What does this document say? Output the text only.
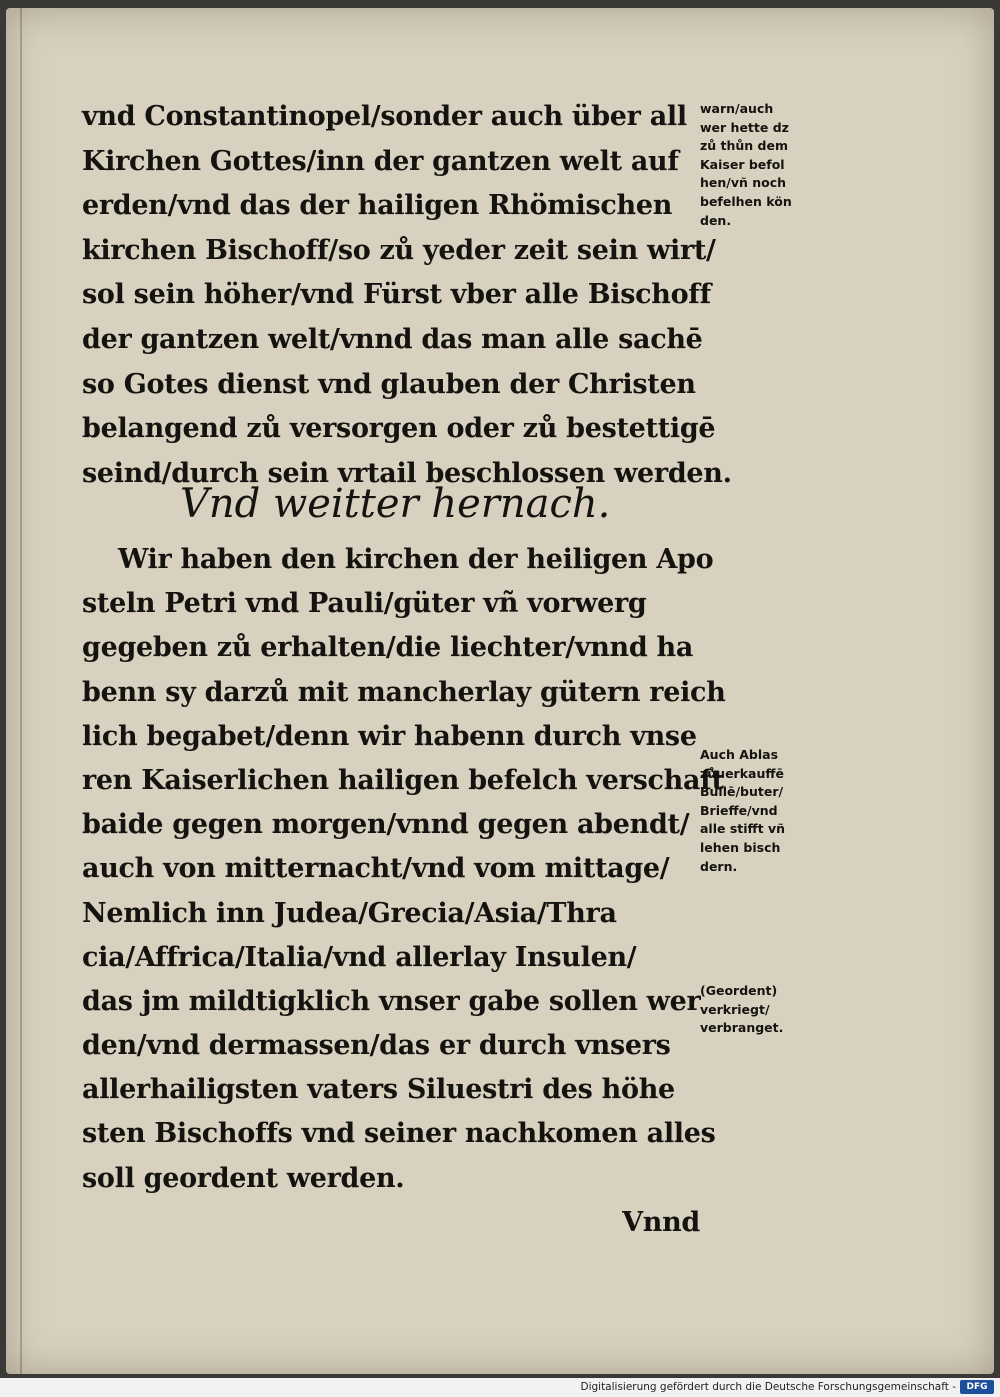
vnd Constantinopel/sonder auch über all
Kirchen Gottes/inn der gantzen welt auf
erden/vnd das der hailigen Rhömischen
kirchen Bischoff/so zů yeder zeit sein wirt/
sol sein höher/vnd Fürst vber alle Bischoff
der gantzen welt/vnnd das man alle sachē
so Gotes dienst vnd glauben der Christen
belangend zů versorgen oder zů bestettigē
seind/durch sein vrtail beschlossen werden.
Vnd weitter hernach.
Wir haben den kirchen der heiligen Apo
steln Petri vnd Pauli/güter vñ vorwerg
gegeben zů erhalten/die liechter/vnnd ha
benn sy darzů mit mancherlay gütern reich
lich begabet/denn wir habenn durch vnse
ren Kaiserlichen hailigen befelch verschaft
baide gegen morgen/vnnd gegen abendt/
auch von mitternacht/vnd vom mittage/
Nemlich inn Judea/Grecia/Asia/Thra
cia/Affrica/Italia/vnd allerlay Insulen/
das jm mildtigklich vnser gabe sollen wer
den/vnd dermassen/das er durch vnsers
allerhailigsten vaters Siluestri des höhe
sten Bischoffs vnd seiner nachkomen alles
soll geordent werden.
Vnnd
warn/auch
wer hette dz
zů thůn dem
Kaiser befol
hen/vñ noch
befelhen kön
den.
Auch Ablas
zůuerkauffē
Bullē/buter/
Brieffe/vnd
alle stifft vñ
lehen bisch
dern.
(Geordent)
verkriegt/
verbranget.
Digitalisierung gefördert durch die Deutsche Forschungsgemeinschaft -	DFG
